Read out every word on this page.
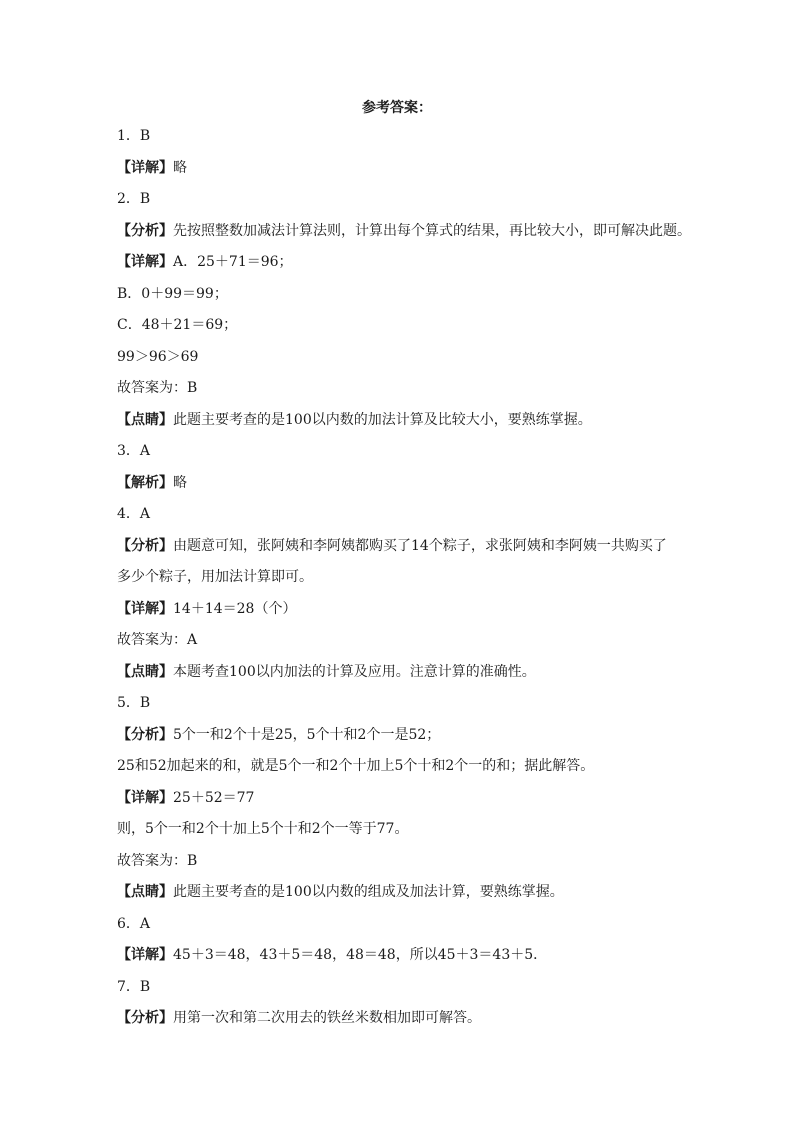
参考答案：
1．B
【详解】略
2．B
【分析】先按照整数加减法计算法则，计算出每个算式的结果，再比较大小，即可解决此题。
【详解】A．25＋71＝96；
B．0＋99＝99；
C．48＋21＝69；
99＞96＞69
故答案为：B
【点睛】此题主要考查的是100以内数的加法计算及比较大小，要熟练掌握。
3．A
【解析】略
4．A
【分析】由题意可知，张阿姨和李阿姨都购买了14个粽子，求张阿姨和李阿姨一共购买了
多少个粽子，用加法计算即可。
【详解】14＋14＝28（个）
故答案为：A
【点睛】本题考查100以内加法的计算及应用。注意计算的准确性。
5．B
【分析】5个一和2个十是25，5个十和2个一是52；
25和52加起来的和，就是5个一和2个十加上5个十和2个一的和；据此解答。
【详解】25＋52＝77
则，5个一和2个十加上5个十和2个一等于77。
故答案为：B
【点睛】此题主要考查的是100以内数的组成及加法计算，要熟练掌握。
6．A
【详解】45＋3＝48，43＋5＝48，48＝48，所以45＋3＝43＋5．
7．B
【分析】用第一次和第二次用去的铁丝米数相加即可解答。
